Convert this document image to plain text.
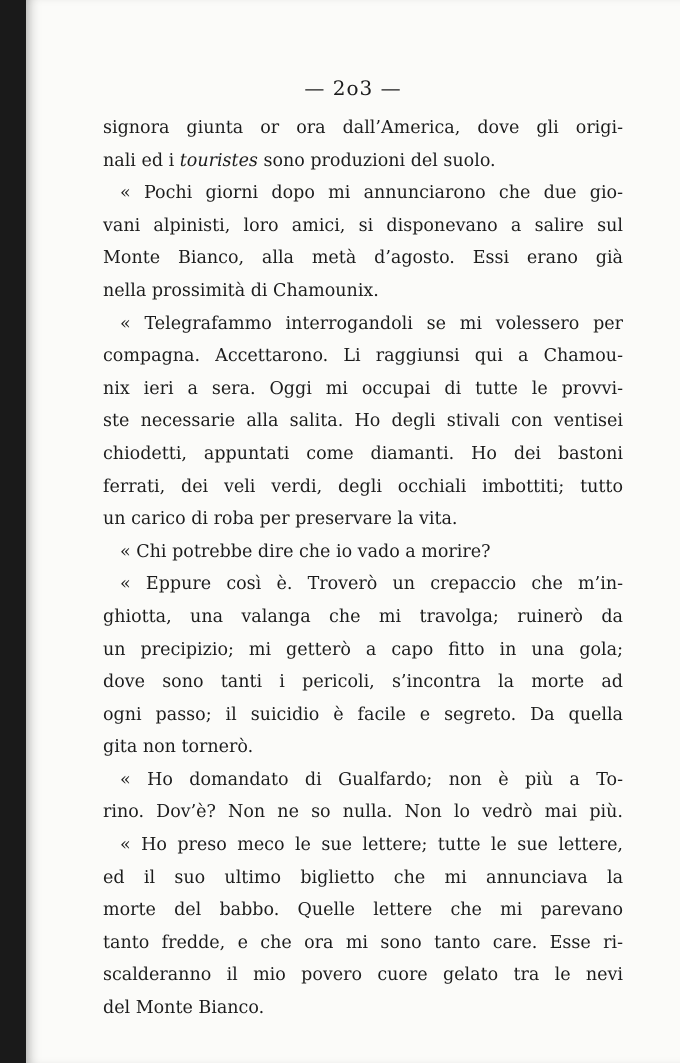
— 2o3 —
signora giunta or ora dall’America, dove gli origi-
nali ed i touristes sono produzioni del suolo.
« Pochi giorni dopo mi annunciarono che due gio-
vani alpinisti, loro amici, si disponevano a salire sul
Monte Bianco, alla metà d’agosto. Essi erano già
nella prossimità di Chamounix.
« Telegrafammo interrogandoli se mi volessero per
compagna. Accettarono. Li raggiunsi qui a Chamou-
nix ieri a sera. Oggi mi occupai di tutte le provvi-
ste necessarie alla salita. Ho degli stivali con ventisei
chiodetti, appuntati come diamanti. Ho dei bastoni
ferrati, dei veli verdi, degli occhiali imbottiti; tutto
un carico di roba per preservare la vita.
« Chi potrebbe dire che io vado a morire?
« Eppure così è. Troverò un crepaccio che m’in-
ghiotta, una valanga che mi travolga; ruinerò da
un precipizio; mi getterò a capo fitto in una gola;
dove sono tanti i pericoli, s’incontra la morte ad
ogni passo; il suicidio è facile e segreto. Da quella
gita non tornerò.
« Ho domandato di Gualfardo; non è più a To-
rino. Dov’è? Non ne so nulla. Non lo vedrò mai più.
« Ho preso meco le sue lettere; tutte le sue lettere,
ed il suo ultimo biglietto che mi annunciava la
morte del babbo. Quelle lettere che mi parevano
tanto fredde, e che ora mi sono tanto care. Esse ri-
scalderanno il mio povero cuore gelato tra le nevi
del Monte Bianco.
